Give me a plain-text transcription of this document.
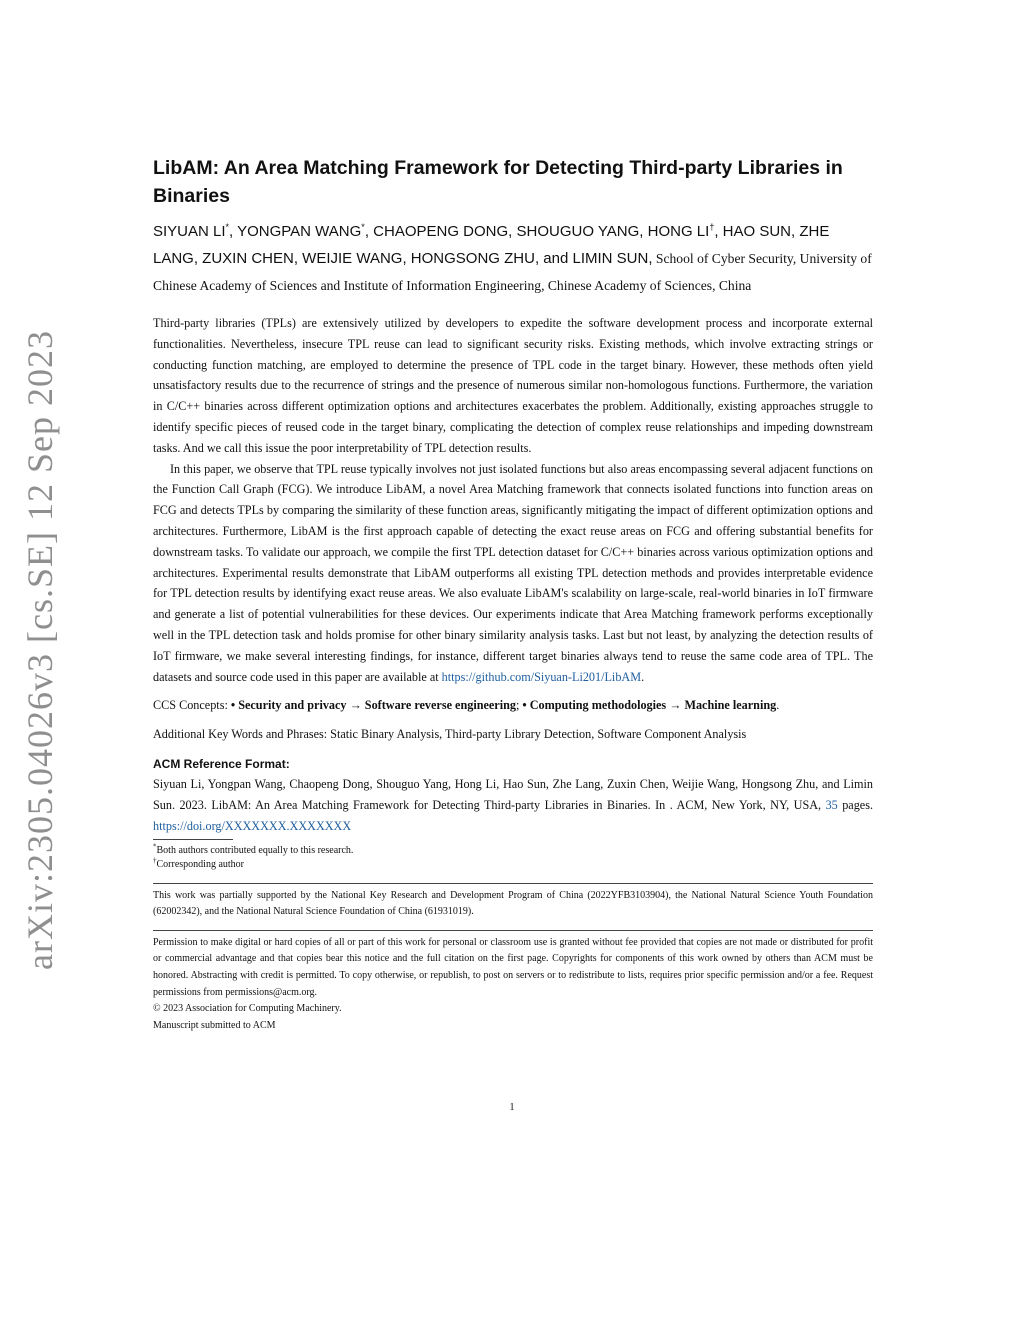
arXiv:2305.04026v3 [cs.SE] 12 Sep 2023
LibAM: An Area Matching Framework for Detecting Third-party Libraries in Binaries
SIYUAN LI*, YONGPAN WANG*, CHAOPENG DONG, SHOUGUO YANG, HONG LI†, HAO SUN, ZHE LANG, ZUXIN CHEN, WEIJIE WANG, HONGSONG ZHU, and LIMIN SUN, School of Cyber Security, University of Chinese Academy of Sciences and Institute of Information Engineering, Chinese Academy of Sciences, China

Third-party libraries (TPLs) are extensively utilized by developers to expedite the software development process and incorporate external functionalities. Nevertheless, insecure TPL reuse can lead to significant security risks. Existing methods, which involve extracting strings or conducting function matching, are employed to determine the presence of TPL code in the target binary. However, these methods often yield unsatisfactory results due to the recurrence of strings and the presence of numerous similar non-homologous functions. Furthermore, the variation in C/C++ binaries across different optimization options and architectures exacerbates the problem. Additionally, existing approaches struggle to identify specific pieces of reused code in the target binary, complicating the detection of complex reuse relationships and impeding downstream tasks. And we call this issue the poor interpretability of TPL detection results.

In this paper, we observe that TPL reuse typically involves not just isolated functions but also areas encompassing several adjacent functions on the Function Call Graph (FCG). We introduce LibAM, a novel Area Matching framework that connects isolated functions into function areas on FCG and detects TPLs by comparing the similarity of these function areas, significantly mitigating the impact of different optimization options and architectures. Furthermore, LibAM is the first approach capable of detecting the exact reuse areas on FCG and offering substantial benefits for downstream tasks. To validate our approach, we compile the first TPL detection dataset for C/C++ binaries across various optimization options and architectures. Experimental results demonstrate that LibAM outperforms all existing TPL detection methods and provides interpretable evidence for TPL detection results by identifying exact reuse areas. We also evaluate LibAM's scalability on large-scale, real-world binaries in IoT firmware and generate a list of potential vulnerabilities for these devices. Our experiments indicate that Area Matching framework performs exceptionally well in the TPL detection task and holds promise for other binary similarity analysis tasks. Last but not least, by analyzing the detection results of IoT firmware, we make several interesting findings, for instance, different target binaries always tend to reuse the same code area of TPL. The datasets and source code used in this paper are available at https://github.com/Siyuan-Li201/LibAM.

CCS Concepts: • Security and privacy → Software reverse engineering; • Computing methodologies → Machine learning.
Additional Key Words and Phrases: Static Binary Analysis, Third-party Library Detection, Software Component Analysis
ACM Reference Format:
Siyuan Li, Yongpan Wang, Chaopeng Dong, Shouguo Yang, Hong Li, Hao Sun, Zhe Lang, Zuxin Chen, Weijie Wang, Hongsong Zhu, and Limin Sun. 2023. LibAM: An Area Matching Framework for Detecting Third-party Libraries in Binaries. In . ACM, New York, NY, USA, 35 pages. https://doi.org/XXXXXXX.XXXXXXX
*Both authors contributed equally to this research.
†Corresponding author
This work was partially supported by the National Key Research and Development Program of China (2022YFB3103904), the National Natural Science Youth Foundation (62002342), and the National Natural Science Foundation of China (61931019).
Permission to make digital or hard copies of all or part of this work for personal or classroom use is granted without fee provided that copies are not made or distributed for profit or commercial advantage and that copies bear this notice and the full citation on the first page. Copyrights for components of this work owned by others than ACM must be honored. Abstracting with credit is permitted. To copy otherwise, or republish, to post on servers or to redistribute to lists, requires prior specific permission and/or a fee. Request permissions from permissions@acm.org.
© 2023 Association for Computing Machinery.
Manuscript submitted to ACM
1
